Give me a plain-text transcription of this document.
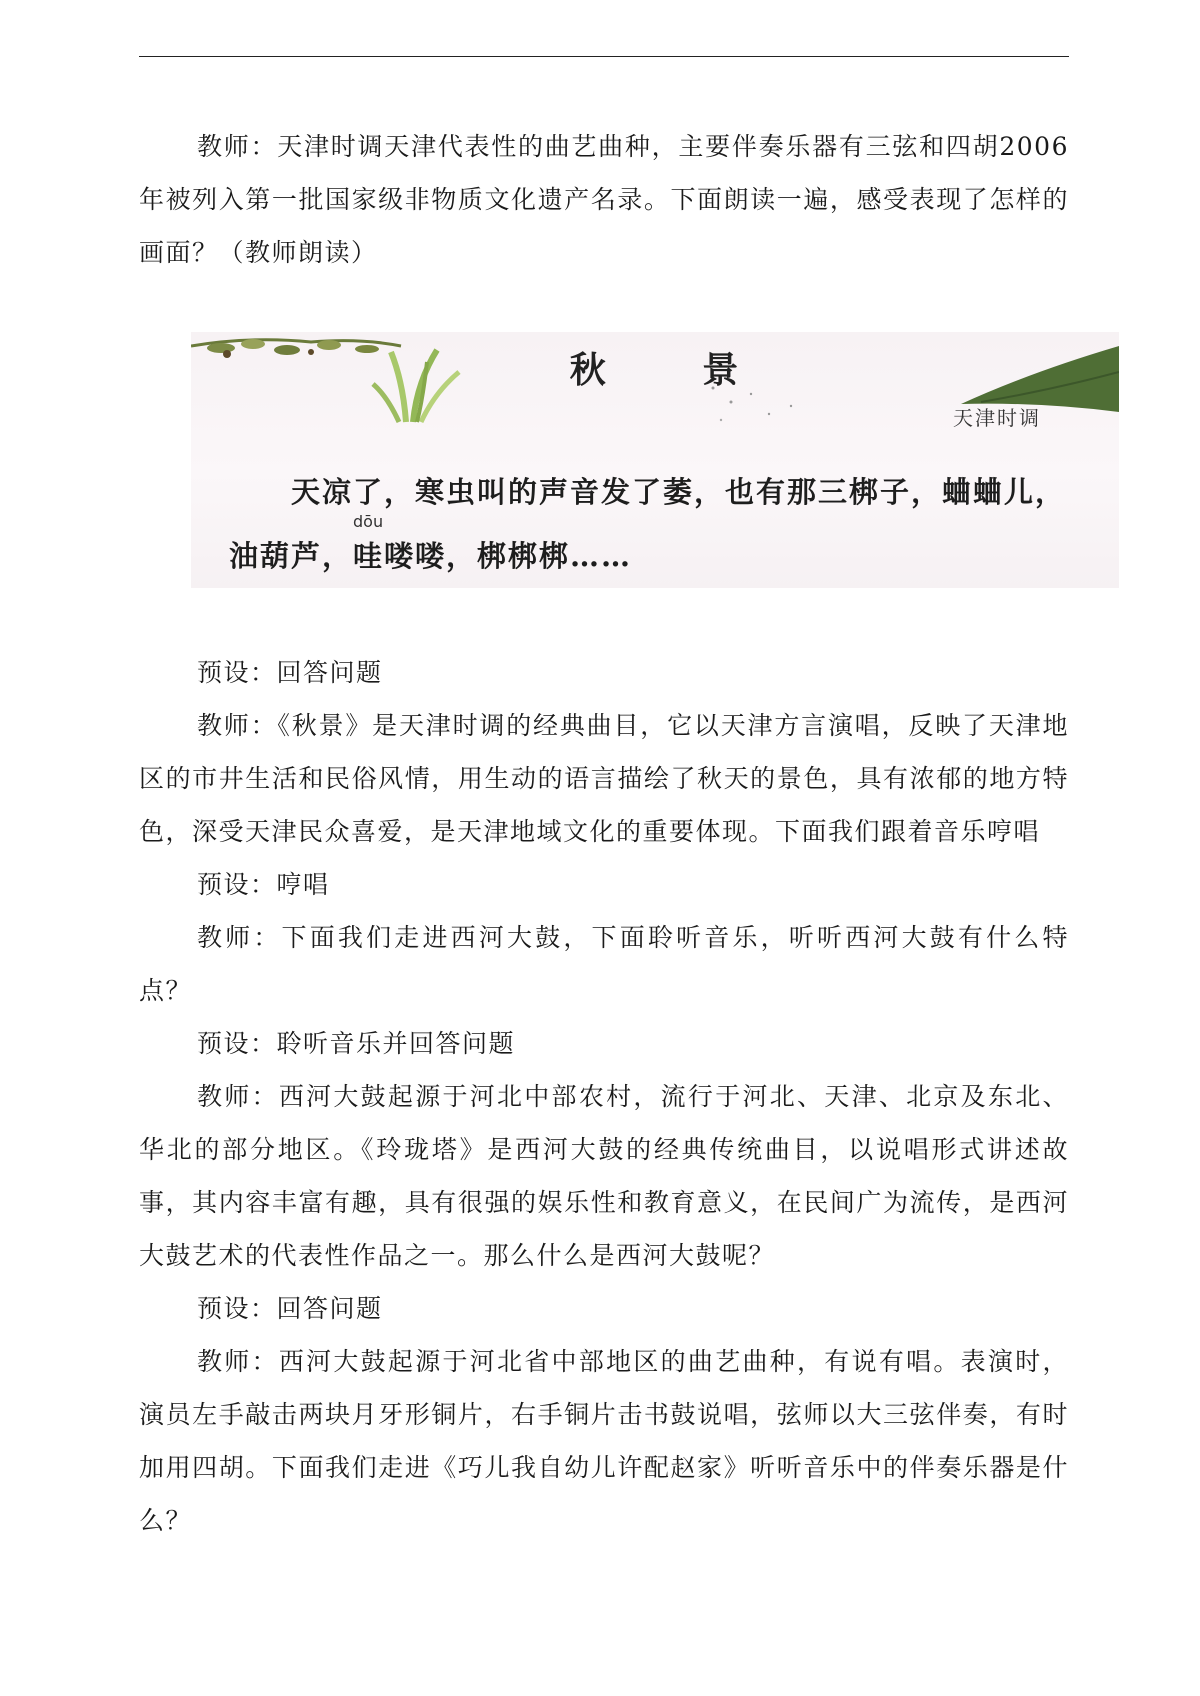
教师：天津时调天津代表性的曲艺曲种，主要伴奏乐器有三弦和四胡2006年被列入第一批国家级非物质文化遗产名录。下面朗读一遍，感受表现了怎样的画面？（教师朗读）

秋 景
天津时调
天凉了，寒虫叫的声音发了萎，也有那三梆子，蛐蛐儿，
dōu
油葫芦，哇喽喽，梆梆梆……

预设：回答问题

教师：《秋景》是天津时调的经典曲目，它以天津方言演唱，反映了天津地区的市井生活和民俗风情，用生动的语言描绘了秋天的景色，具有浓郁的地方特色，深受天津民众喜爱，是天津地域文化的重要体现。下面我们跟着音乐哼唱

预设：哼唱

教师：下面我们走进西河大鼓，下面聆听音乐，听听西河大鼓有什么特点？

预设：聆听音乐并回答问题

教师：西河大鼓起源于河北中部农村，流行于河北、天津、北京及东北、华北的部分地区。《玲珑塔》是西河大鼓的经典传统曲目，以说唱形式讲述故事，其内容丰富有趣，具有很强的娱乐性和教育意义，在民间广为流传，是西河大鼓艺术的代表性作品之一。那么什么是西河大鼓呢？

预设：回答问题

教师：西河大鼓起源于河北省中部地区的曲艺曲种，有说有唱。表演时，演员左手敲击两块月牙形铜片，右手铜片击书鼓说唱，弦师以大三弦伴奏，有时加用四胡。下面我们走进《巧儿我自幼儿许配赵家》听听音乐中的伴奏乐器是什么？
